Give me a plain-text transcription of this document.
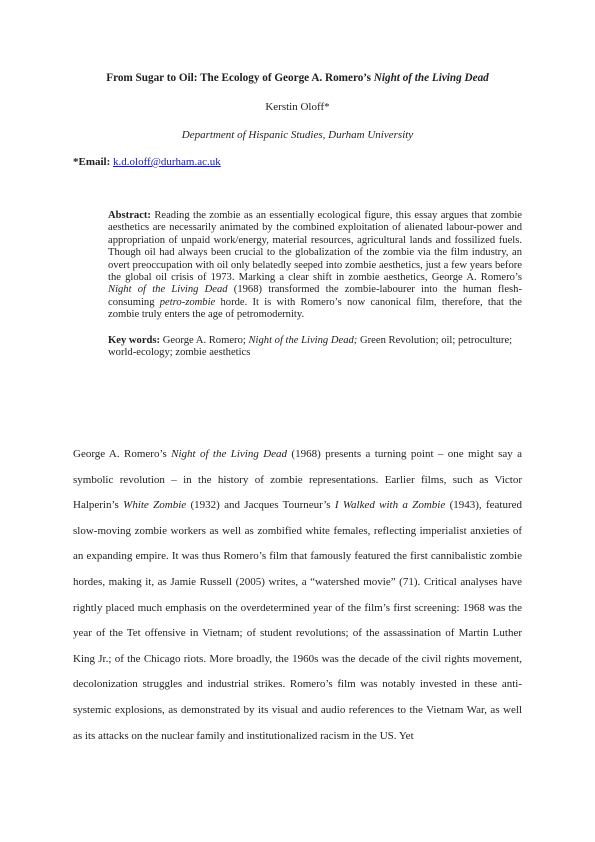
From Sugar to Oil: The Ecology of George A. Romero’s Night of the Living Dead
Kerstin Oloff*
Department of Hispanic Studies, Durham University
*Email: k.d.oloff@durham.ac.uk
Abstract: Reading the zombie as an essentially ecological figure, this essay argues that zombie aesthetics are necessarily animated by the combined exploitation of alienated labour-power and appropriation of unpaid work/energy, material resources, agricultural lands and fossilized fuels. Though oil had always been crucial to the globalization of the zombie via the film industry, an overt preoccupation with oil only belatedly seeped into zombie aesthetics, just a few years before the global oil crisis of 1973. Marking a clear shift in zombie aesthetics, George A. Romero’s Night of the Living Dead (1968) transformed the zombie-labourer into the human flesh-consuming petro-zombie horde. It is with Romero’s now canonical film, therefore, that the zombie truly enters the age of petromodernity.
Key words: George A. Romero; Night of the Living Dead; Green Revolution; oil; petroculture; world-ecology; zombie aesthetics

George A. Romero’s Night of the Living Dead (1968) presents a turning point – one might say a symbolic revolution – in the history of zombie representations. Earlier films, such as Victor Halperin’s White Zombie (1932) and Jacques Tourneur’s I Walked with a Zombie (1943), featured slow-moving zombie workers as well as zombified white females, reflecting imperialist anxieties of an expanding empire. It was thus Romero’s film that famously featured the first cannibalistic zombie hordes, making it, as Jamie Russell (2005) writes, a “watershed movie” (71). Critical analyses have rightly placed much emphasis on the overdetermined year of the film’s first screening: 1968 was the year of the Tet offensive in Vietnam; of student revolutions; of the assassination of Martin Luther King Jr.; of the Chicago riots. More broadly, the 1960s was the decade of the civil rights movement, decolonization struggles and industrial strikes. Romero’s film was notably invested in these anti-systemic explosions, as demonstrated by its visual and audio references to the Vietnam War, as well as its attacks on the nuclear family and institutionalized racism in the US. Yet
